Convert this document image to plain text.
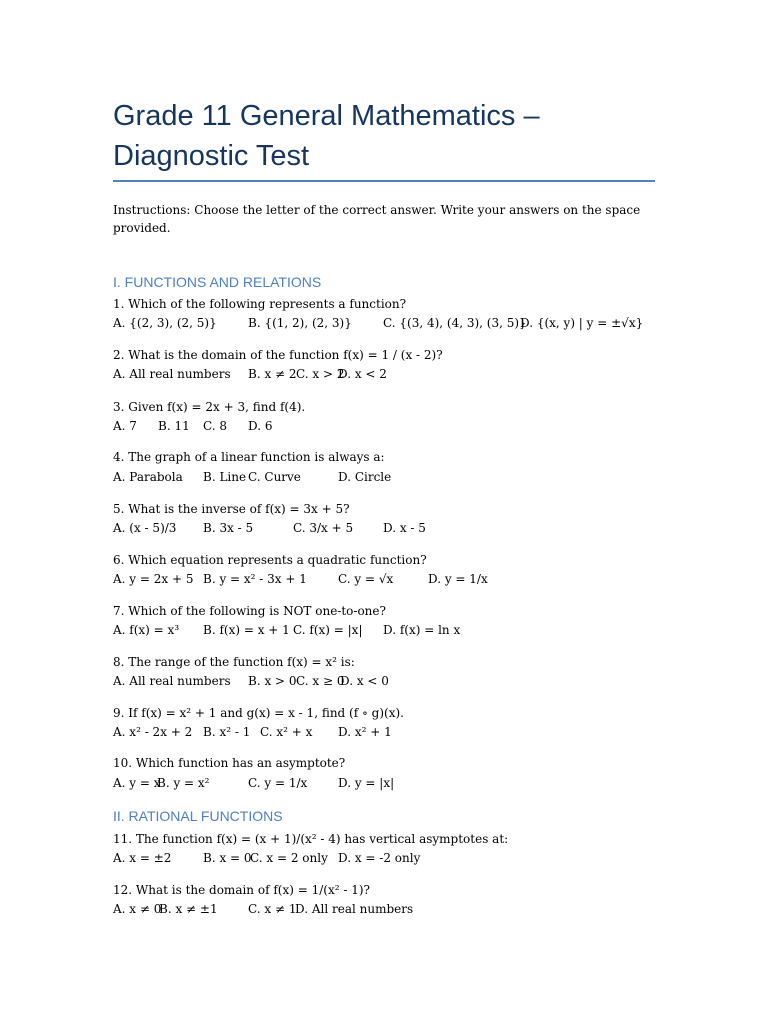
Grade 11 General Mathematics – Diagnostic Test

Instructions: Choose the letter of the correct answer. Write your answers on the space provided.

I. FUNCTIONS AND RELATIONS
1. Which of the following represents a function?
A. {(2, 3), (2, 5)}	B. {(1, 2), (2, 3)}	C. {(3, 4), (4, 3), (3, 5)}
D. {(x, y) | y = ±√x}
2. What is the domain of the function f(x) = 1 / (x - 2)?
A. All real numbers B. x ≠ 2 C. x > 2
D. x < 2
3. Given f(x) = 2x + 3, find f(4).
A. 7 B. 11 C. 8 D. 6
4. The graph of a linear function is always a:
A. Parabola B. Line C. Curve	D. Circle
5. What is the inverse of f(x) = 3x + 5?
A. (x - 5)/3 B. 3x - 5	C. 3/x + 5 D. x - 5
6. Which equation represents a quadratic function?
A. y = 2x + 5 B. y = x² - 3x + 1	C. y = √x	D. y = 1/x
7. Which of the following is NOT one-to-one?
A. f(x) = x³ B. f(x) = x + 1 C. f(x) = |x| D. f(x) = ln x
8. The range of the function f(x) = x² is:
A. All real numbers B. x > 0 C. x ≥ 0
D. x < 0
9. If f(x) = x² + 1 and g(x) = x - 1, find (f ∘ g)(x).
A. x² - 2x + 2 B. x² - 1 C. x² + x D. x² + 1
10. Which function has an asymptote?
A. y = x
B. y = x²	C. y = 1/x	D. y = |x|
II. RATIONAL FUNCTIONS
11. The function f(x) = (x + 1)/(x² - 4) has vertical asymptotes at:
A. x = ±2	B. x = 0
C. x = 2 only D. x = -2 only
12. What is the domain of f(x) = 1/(x² - 1)?
A. x ≠ 0
B. x ≠ ±1	C. x ≠ 1
D. All real numbers
